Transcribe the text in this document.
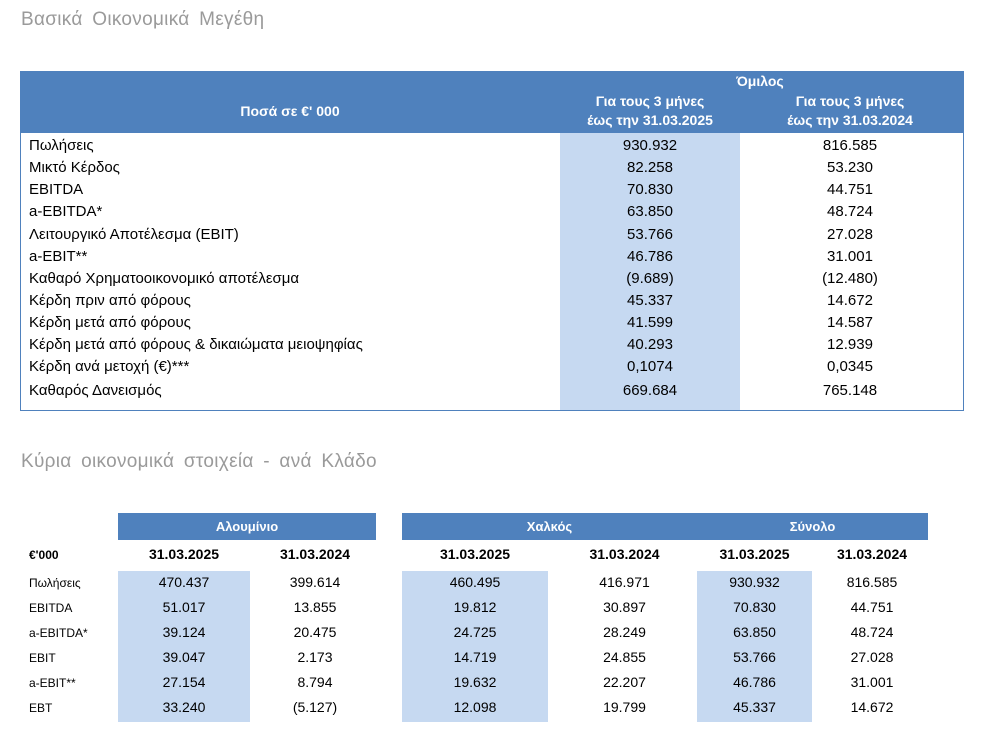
Βασικά Οικονομικά Μεγέθη
Ποσά σε €' 000
Όμιλος
Για τους 3 μήνες
έως την 31.03.2025
Για τους 3 μήνες
έως την 31.03.2024
Πωλήσεις	930.932	816.585
Μικτό Κέρδος	82.258	53.230
EBITDA	70.830	44.751
a-EBITDA*	63.850	48.724
Λειτουργικό Αποτέλεσμα (EBIT)	53.766	27.028
a-EBIT**	46.786	31.001
Καθαρό Χρηματοοικονομικό αποτέλεσμα	(9.689)	(12.480)
Κέρδη πριν από φόρους	45.337	14.672
Κέρδη μετά από φόρους	41.599	14.587
Κέρδη μετά από φόρους & δικαιώματα μειοψηφίας	40.293	12.939
Κέρδη ανά μετοχή (€)***	0,1074	0,0345
Καθαρός Δανεισμός	669.684	765.148
Κύρια οικονομικά στοιχεία - ανά Κλάδο
Αλουμίνιο	Χαλκός	Σύνολο
€'000	31.03.2025	31.03.2024	31.03.2025	31.03.2024	31.03.2025	31.03.2024
Πωλήσεις	470.437	399.614	460.495	416.971	930.932	816.585
EBITDA	51.017	13.855	19.812	30.897	70.830	44.751
a-EBITDA*	39.124	20.475	24.725	28.249	63.850	48.724
EBIT	39.047	2.173	14.719	24.855	53.766	27.028
a-EBIT**	27.154	8.794	19.632	22.207	46.786	31.001
EBT	33.240	(5.127)	12.098	19.799	45.337	14.672
